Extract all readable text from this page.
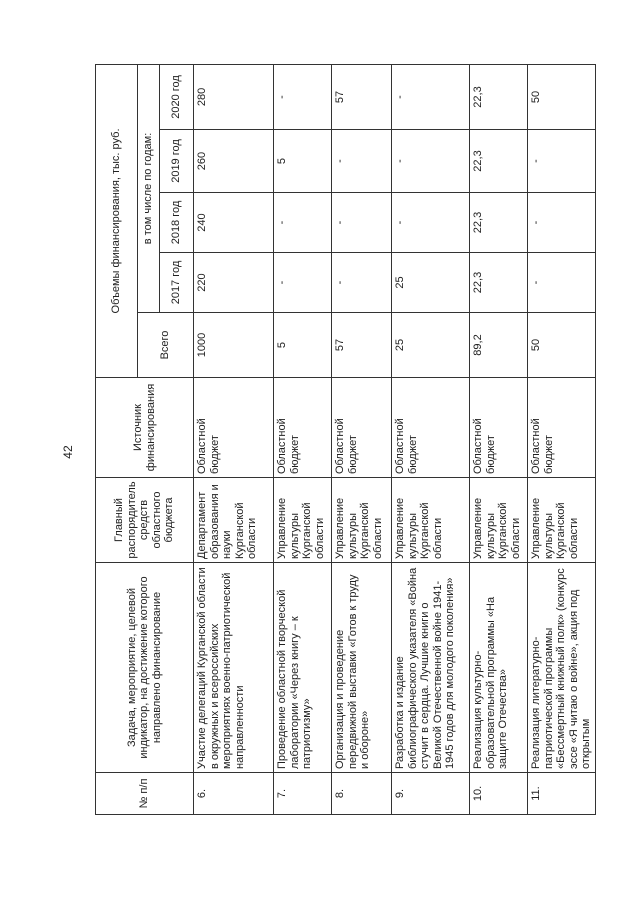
42
№ п/п	Задача, мероприятие, целевой индикатор, на достижение которого направлено финансирование	Главный распорядитель средств областного бюджета	Источник финансирования	Объемы финансирования, тыс. руб.				
				Всего	в том числе по годам:			
					2017 год	2018 год	2019 год	2020 год
6.	Участие делегаций Курганской области в окружных и всероссийских мероприятиях военно-патриотической направленности	Департамент образования и науки Курганской области	Областной бюджет	1000	220	240	260	280
7.	Проведение областной творческой лаборатории «Через книгу – к патриотизму»	Управление культуры Курганской области	Областной бюджет	5	-	-	5	-
8.	Организация и проведение передвижной выставки «Готов к труду и обороне»	Управление культуры Курганской области	Областной бюджет	57	-	-	-	57
9.	Разработка и издание библиографического указателя «Война стучит в сердца. Лучшие книги о Великой Отечественной войне 1941-1945 годов для молодого поколения»	Управление культуры Курганской области	Областной бюджет	25	25	-	-	-
10.	Реализация культурно-образовательной программы «На защите Отечества»	Управление культуры Курганской области	Областной бюджет	89,2	22,3	22,3	22,3	22,3
11.	Реализация литературно-патриотической программы «Бессмертный книжный полк» (конкурс эссе «Я читаю о войне», акция под открытым	Управление культуры Курганской области	Областной бюджет	50	-	-	-	50
